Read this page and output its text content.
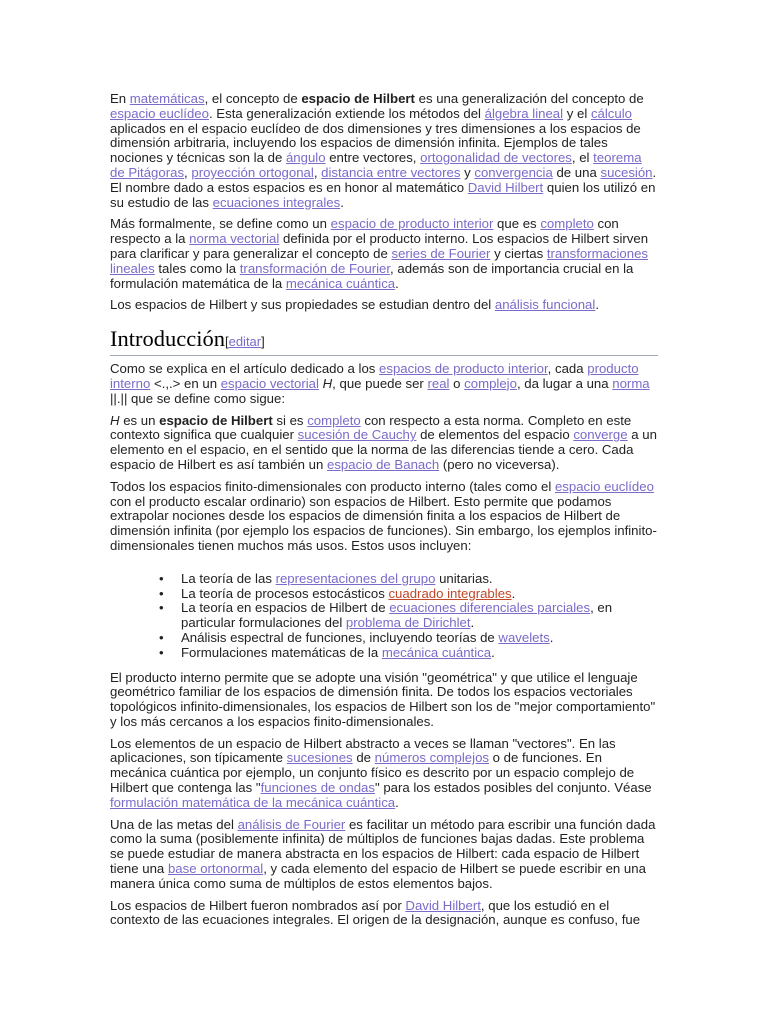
En matemáticas, el concepto de espacio de Hilbert es una generalización del concepto de espacio euclídeo. Esta generalización extiende los métodos del álgebra lineal y el cálculo aplicados en el espacio euclídeo de dos dimensiones y tres dimensiones a los espacios de dimensión arbitraria, incluyendo los espacios de dimensión infinita. Ejemplos de tales nociones y técnicas son la de ángulo entre vectores, ortogonalidad de vectores, el teorema de Pitágoras, proyección ortogonal, distancia entre vectores y convergencia de una sucesión. El nombre dado a estos espacios es en honor al matemático David Hilbert quien los utilizó en su estudio de las ecuaciones integrales.

Más formalmente, se define como un espacio de producto interior que es completo con respecto a la norma vectorial definida por el producto interno. Los espacios de Hilbert sirven para clarificar y para generalizar el concepto de series de Fourier y ciertas transformaciones lineales tales como la transformación de Fourier, además son de importancia crucial en la formulación matemática de la mecánica cuántica.

Los espacios de Hilbert y sus propiedades se estudian dentro del análisis funcional.

Introducción[editar]

Como se explica en el artículo dedicado a los espacios de producto interior, cada producto interno <.,.> en un espacio vectorial H, que puede ser real o complejo, da lugar a una norma ||.|| que se define como sigue:

H es un espacio de Hilbert si es completo con respecto a esta norma. Completo en este contexto significa que cualquier sucesión de Cauchy de elementos del espacio converge a un elemento en el espacio, en el sentido que la norma de las diferencias tiende a cero. Cada espacio de Hilbert es así también un espacio de Banach (pero no viceversa).

Todos los espacios finito-dimensionales con producto interno (tales como el espacio euclídeo con el producto escalar ordinario) son espacios de Hilbert. Esto permite que podamos extrapolar nociones desde los espacios de dimensión finita a los espacios de Hilbert de dimensión infinita (por ejemplo los espacios de funciones). Sin embargo, los ejemplos infinito-dimensionales tienen muchos más usos. Estos usos incluyen:

• La teoría de las representaciones del grupo unitarias.
• La teoría de procesos estocásticos cuadrado integrables.
• La teoría en espacios de Hilbert de ecuaciones diferenciales parciales, en particular formulaciones del problema de Dirichlet.
• Análisis espectral de funciones, incluyendo teorías de wavelets.
• Formulaciones matemáticas de la mecánica cuántica.

El producto interno permite que se adopte una visión "geométrica" y que utilice el lenguaje geométrico familiar de los espacios de dimensión finita. De todos los espacios vectoriales topológicos infinito-dimensionales, los espacios de Hilbert son los de "mejor comportamiento" y los más cercanos a los espacios finito-dimensionales.

Los elementos de un espacio de Hilbert abstracto a veces se llaman "vectores". En las aplicaciones, son típicamente sucesiones de números complejos o de funciones. En mecánica cuántica por ejemplo, un conjunto físico es descrito por un espacio complejo de Hilbert que contenga las "funciones de ondas" para los estados posibles del conjunto. Véase formulación matemática de la mecánica cuántica.

Una de las metas del análisis de Fourier es facilitar un método para escribir una función dada como la suma (posiblemente infinita) de múltiplos de funciones bajas dadas. Este problema se puede estudiar de manera abstracta en los espacios de Hilbert: cada espacio de Hilbert tiene una base ortonormal, y cada elemento del espacio de Hilbert se puede escribir en una manera única como suma de múltiplos de estos elementos bajos.

Los espacios de Hilbert fueron nombrados así por David Hilbert, que los estudió en el contexto de las ecuaciones integrales. El origen de la designación, aunque es confuso, fue
